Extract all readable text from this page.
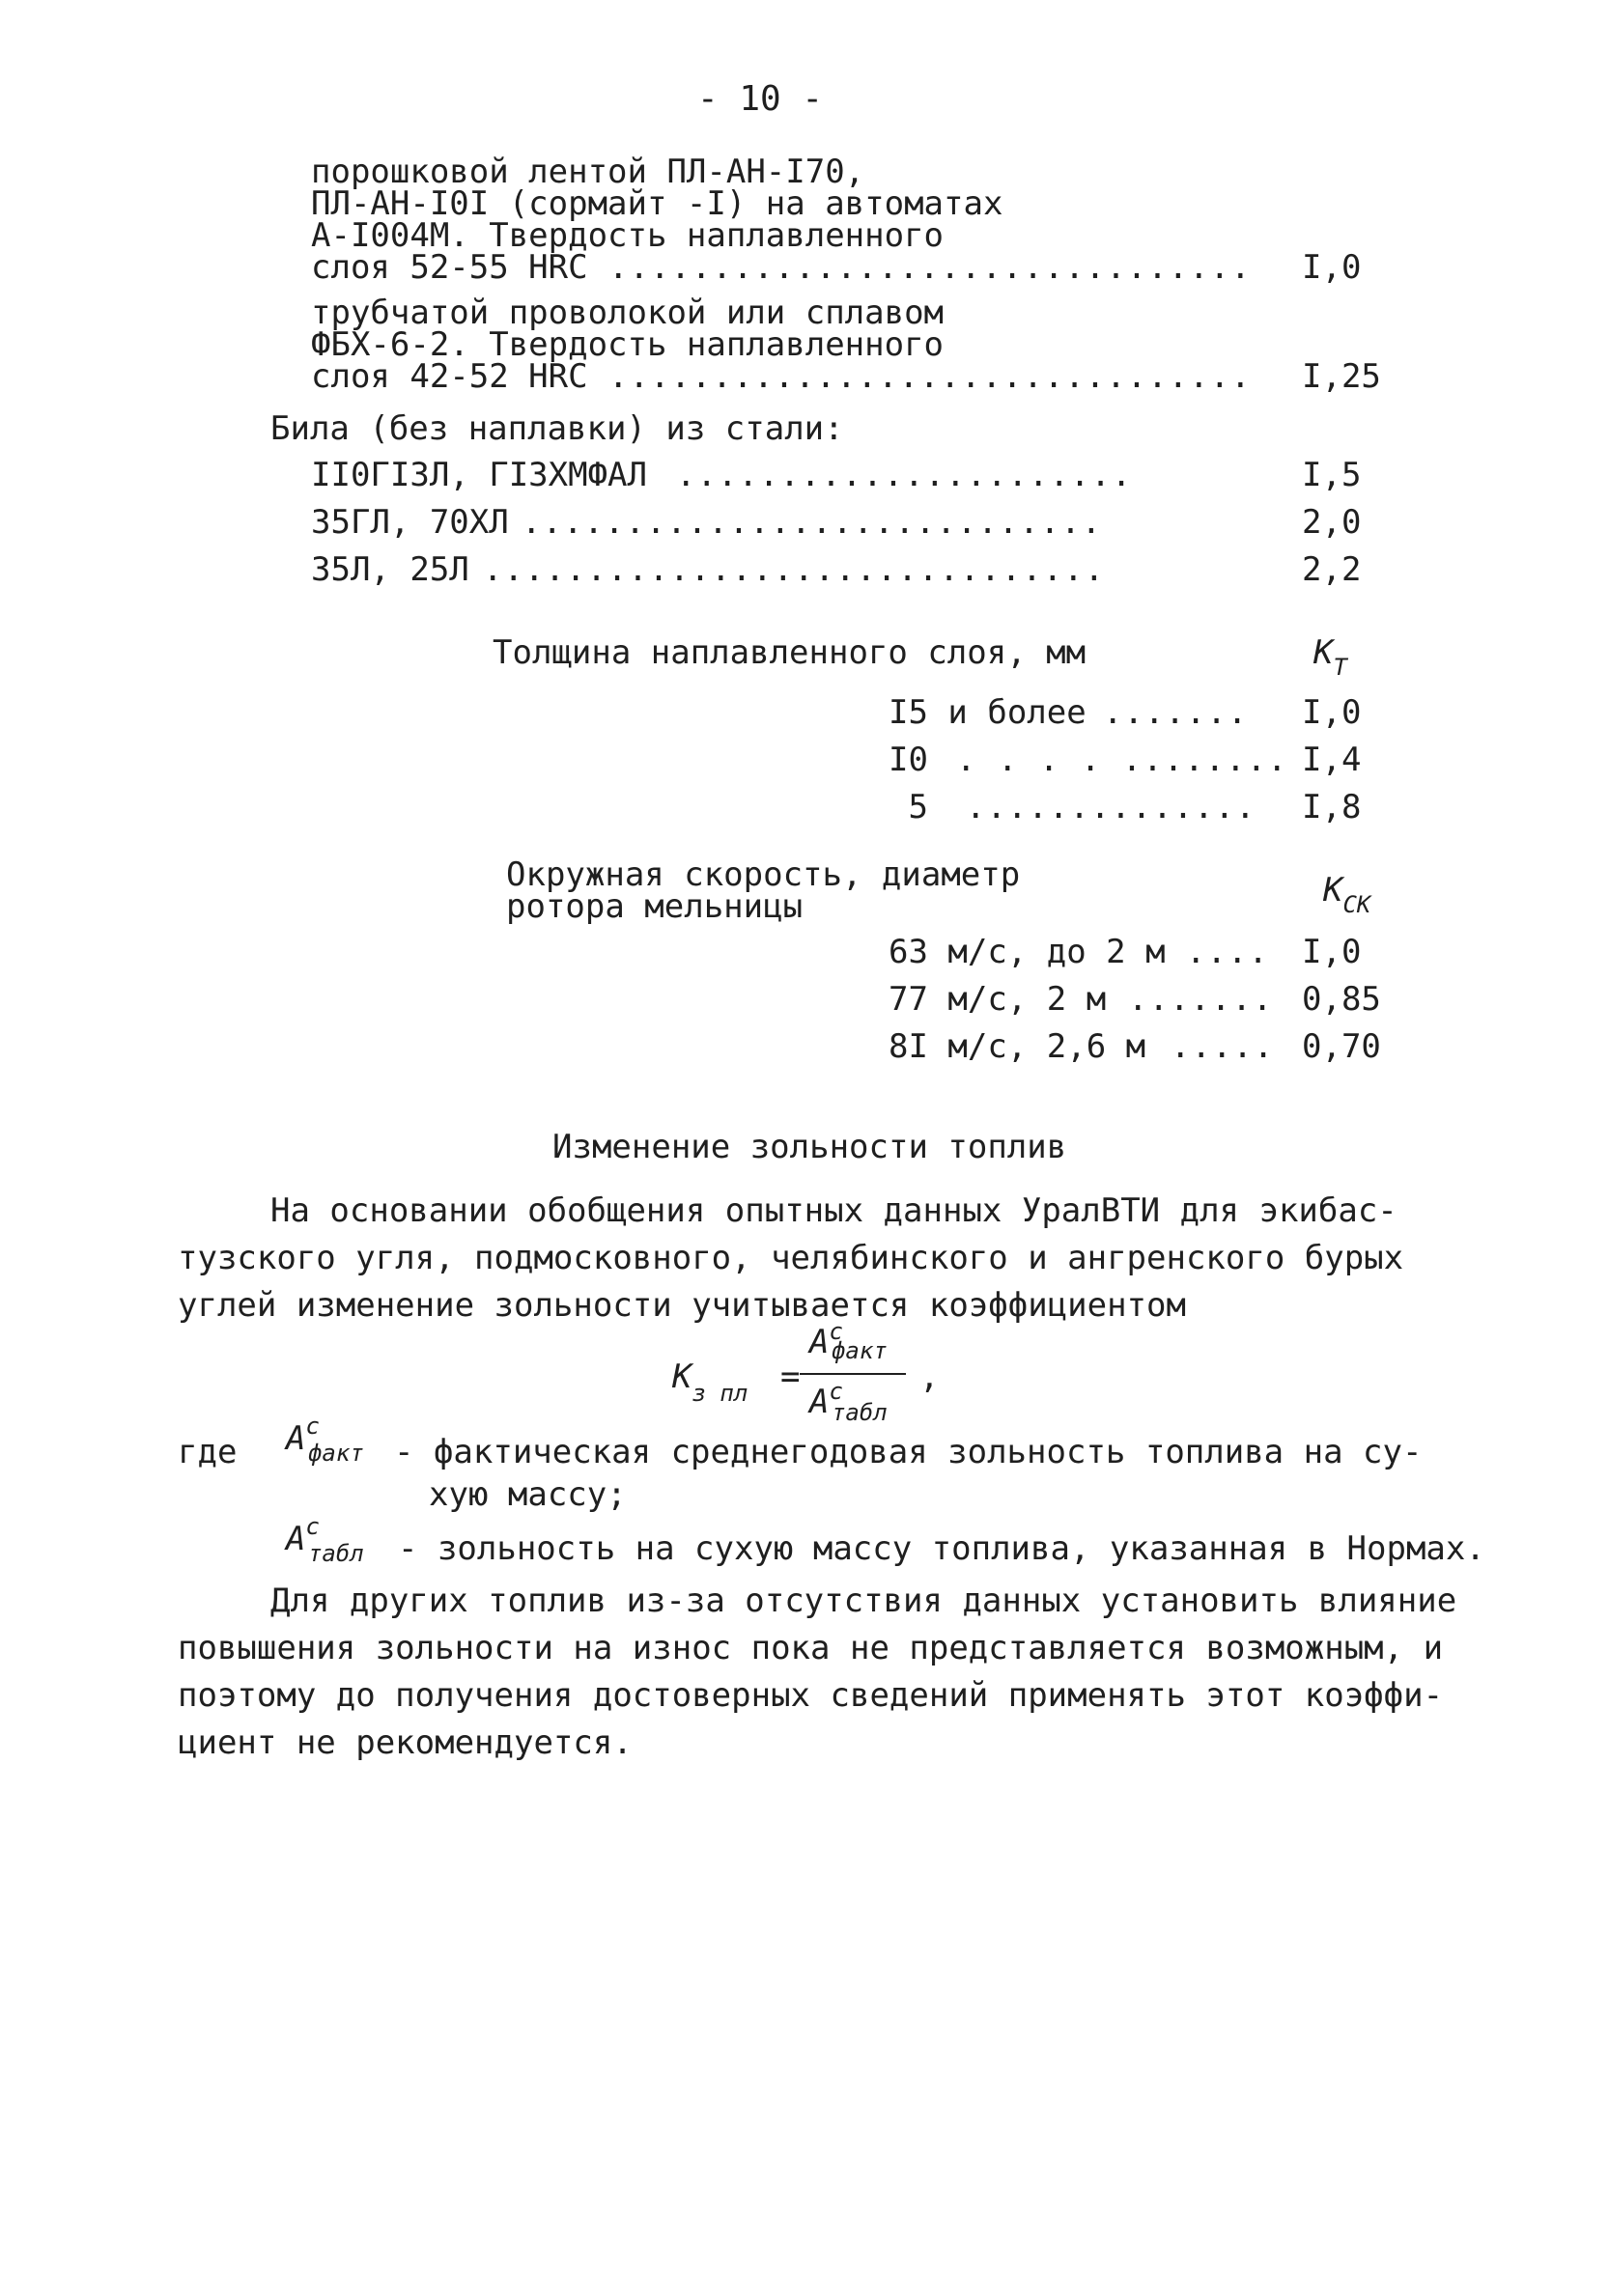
- 10 -
порошковой лентой ПЛ-АН-I70,
ПЛ-АН-I0I (сормайт -I) на автоматах
А-I004М. Твердость наплавленного
слоя 52-55 HRC ............................... I,0
трубчатой проволокой или сплавом
ФБХ-6-2. Твердость наплавленного
слоя 42-52 HRC ............................... I,25
Била (без наплавки) из стали:
II0ГI3Л, ГI3ХМФАЛ ......................	I,5
35ГЛ, 70ХЛ ............................	2,0
35Л, 25Л ..............................	2,2
Толщина наплавленного слоя, мм	$K_T$
I5 и более ....... I,0
I0 . . . . ........ I,4
5 .............. I,8
Окружная скорость, диаметр
ротора мельницы	$K_{CK}$
63 м/с, до 2 м .... I,0
77 м/с, 2 м ....... 0,85
8I м/с, 2,6 м ..... 0,70
Изменение зольности топлив
На основании обобщения опытных данных УралВТИ для экибас-
тузского угля, подмосковного, челябинского и ангренского бурых
углей изменение зольности учитывается коэффициентом
$K_{з пл}$ =
$A^cфакт$
$A^c_{табл}$
,
где $A^c_{факт}$ - фактическая среднегодовая зольность топлива на су-
хую массу;
$A^c_{табл}$	- зольность на сухую массу топлива, указанная в Нормах.
Для других топлив из-за отсутствия данных установить влияние
повышения зольности на износ пока не представляется возможным, и
поэтому до получения достоверных сведений применять этот коэффи-
циент не рекомендуется.
